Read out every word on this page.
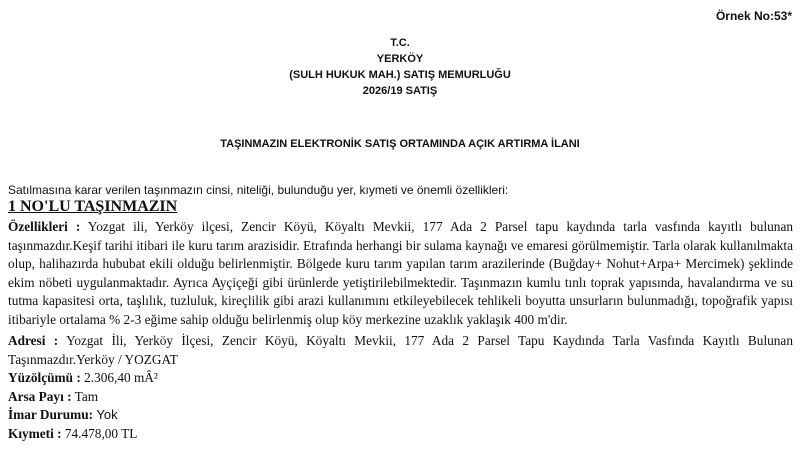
Örnek No:53*
T.C.
YERKÖY
(SULH HUKUK MAH.) SATIŞ MEMURLUĞU
2026/19 SATIŞ
TAŞINMAZIN ELEKTRONİK SATIŞ ORTAMINDA AÇIK ARTIRMA İLANI
Satılmasına karar verilen taşınmazın cinsi, niteliği, bulunduğu yer, kıymeti ve önemli özellikleri:
1 NO'LU TAŞINMAZIN

Özellikleri : Yozgat ili, Yerköy ilçesi, Zencir Köyü, Köyaltı Mevkii, 177 Ada 2 Parsel tapu kaydında tarla vasfında kayıtlı bulunan taşınmazdır.Keşif tarihi itibari ile kuru tarım arazisidir. Etrafında herhangi bir sulama kaynağı ve emaresi görülmemiştir. Tarla olarak kullanılmakta olup, halihazırda hububat ekili olduğu belirlenmiştir. Bölgede kuru tarım yapılan tarım arazilerinde (Buğday+ Nohut+Arpa+ Mercimek) şeklinde ekim nöbeti uygulanmaktadır. Ayrıca Ayçiçeği gibi ürünlerde yetiştirilebilmektedir. Taşınmazın kumlu tınlı toprak yapısında, havalandırma ve su tutma kapasitesi orta, taşlılık, tuzluluk, kireçlilik gibi arazi kullanımını etkileyebilecek tehlikeli boyutta unsurların bulunmadığı, topoğrafik yapısı itibariyle ortalama % 2-3 eğime sahip olduğu belirlenmiş olup köy merkezine uzaklık yaklaşık 400 m'dir.

Adresi : Yozgat İli, Yerköy İlçesi, Zencir Köyü, Köyaltı Mevkii, 177 Ada 2 Parsel Tapu Kaydında Tarla Vasfında Kayıtlı Bulunan Taşınmazdır.Yerköy / YOZGAT

Yüzölçümü : 2.306,40 mÂ²

Arsa Payı : Tam

İmar Durumu: Yok

Kıymeti : 74.478,00 TL
